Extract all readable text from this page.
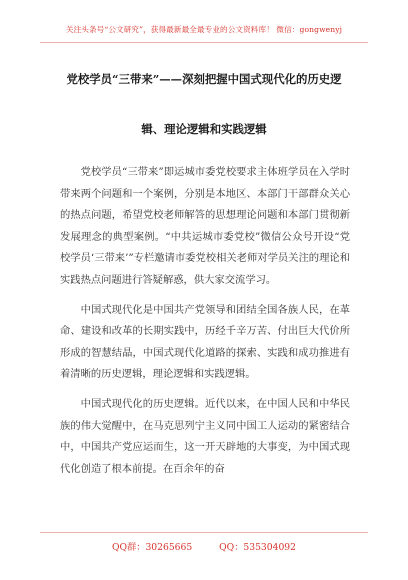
关注头条号“公文研究”，获得最新最全最专业的公文资料库！ 微信：gongwenyj
党校学员“三带来”——深刻把握中国式现代化的历史逻
辑、理论逻辑和实践逻辑

党校学员“三带来”即运城市委党校要求主体班学员在入学时带来两个问题和一个案例，分别是本地区、本部门干部群众关心的热点问题，希望党校老师解答的思想理论问题和本部门贯彻新发展理念的典型案例。“中共运城市委党校”微信公众号开设“党校学员‘三带来’”专栏邀请市委党校相关老师对学员关注的理论和实践热点问题进行答疑解惑，供大家交流学习。

中国式现代化是中国共产党领导和团结全国各族人民，在革命、建设和改革的长期实践中，历经千辛万苦、付出巨大代价所形成的智慧结晶，中国式现代化道路的探索、实践和成功推进有着清晰的历史逻辑，理论逻辑和实践逻辑。

中国式现代化的历史逻辑。近代以来，在中国人民和中华民族的伟大觉醒中，在马克思列宁主义同中国工人运动的紧密结合中，中国共产党应运而生，这一开天辟地的大事变，为中国式现代化创造了根本前提。在百余年的奋

QQ群：30265665	QQ：535304092
